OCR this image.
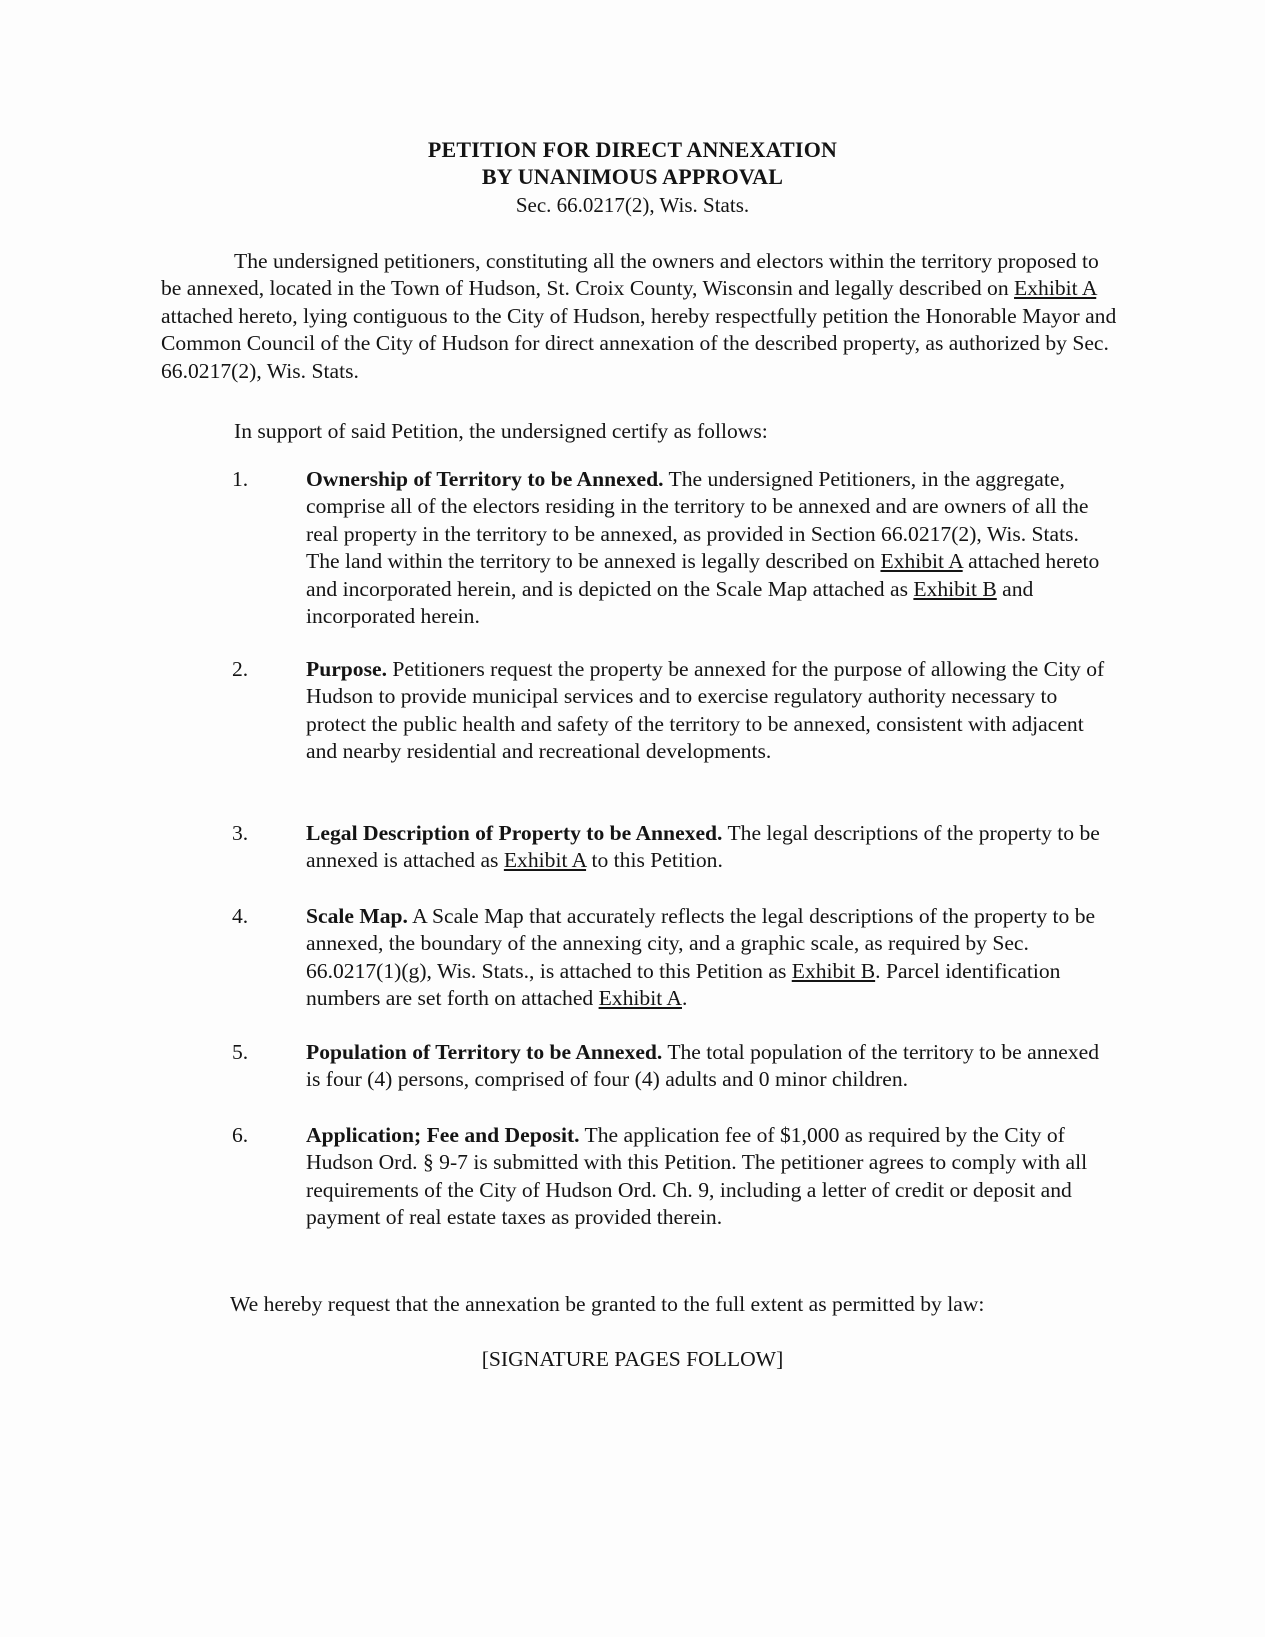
PETITION FOR DIRECT ANNEXATION
BY UNANIMOUS APPROVAL
Sec. 66.0217(2), Wis. Stats.

The undersigned petitioners, constituting all the owners and electors within the territory proposed to be annexed, located in the Town of Hudson, St. Croix County, Wisconsin and legally described on Exhibit A attached hereto, lying contiguous to the City of Hudson, hereby respectfully petition the Honorable Mayor and Common Council of the City of Hudson for direct annexation of the described property, as authorized by Sec. 66.0217(2), Wis. Stats.

In support of said Petition, the undersigned certify as follows:

1.	Ownership of Territory to be Annexed. The undersigned Petitioners, in the aggregate, comprise all of the electors residing in the territory to be annexed and are owners of all the real property in the territory to be annexed, as provided in Section 66.0217(2), Wis. Stats. The land within the territory to be annexed is legally described on Exhibit A attached hereto and incorporated herein, and is depicted on the Scale Map attached as Exhibit B and incorporated herein.

2.	Purpose. Petitioners request the property be annexed for the purpose of allowing the City of Hudson to provide municipal services and to exercise regulatory authority necessary to protect the public health and safety of the territory to be annexed, consistent with adjacent and nearby residential and recreational developments.

3.	Legal Description of Property to be Annexed. The legal descriptions of the property to be annexed is attached as Exhibit A to this Petition.

4.	Scale Map. A Scale Map that accurately reflects the legal descriptions of the property to be annexed, the boundary of the annexing city, and a graphic scale, as required by Sec. 66.0217(1)(g), Wis. Stats., is attached to this Petition as Exhibit B. Parcel identification numbers are set forth on attached Exhibit A.

5.	Population of Territory to be Annexed. The total population of the territory to be annexed is four (4) persons, comprised of four (4) adults and 0 minor children.

6.	Application; Fee and Deposit. The application fee of $1,000 as required by the City of Hudson Ord. § 9-7 is submitted with this Petition. The petitioner agrees to comply with all requirements of the City of Hudson Ord. Ch. 9, including a letter of credit or deposit and payment of real estate taxes as provided therein.

We hereby request that the annexation be granted to the full extent as permitted by law:

[SIGNATURE PAGES FOLLOW]
